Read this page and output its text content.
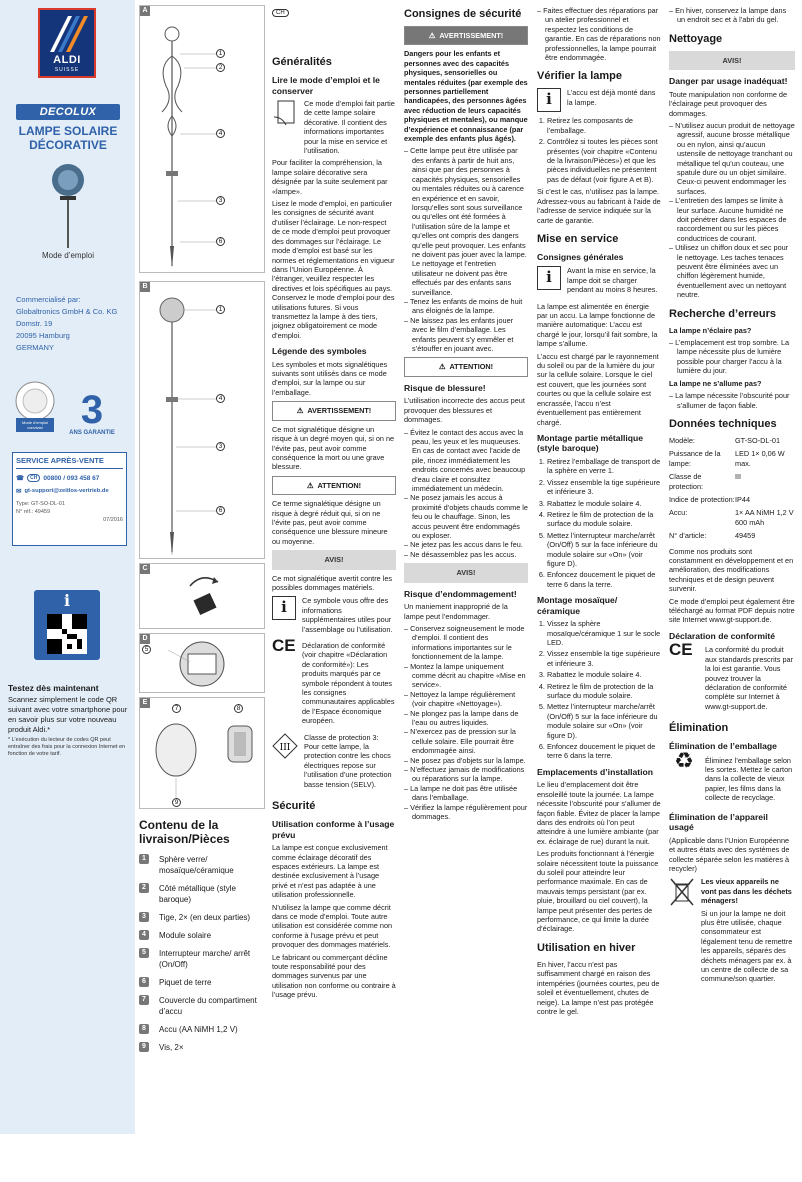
ALDI
SUISSE
DECOLUX
LAMPE SOLAIRE DÉCORATIVE
Mode d’emploi
Commercialisé par:
Globaltronics GmbH & Co. KG
Domstr. 19
20095 Hamburg
GERMANY
Mode d’emploi convivial 3
ANS GARANTIE
SERVICE APRÈS-VENTE
☎	CH 00800 / 093 458 67
✉ gt-support@zeitlos-vertrieb.de
Type: GT-SO-DL-01
N° réf.: 49459
07/2016
i
Testez dès maintenant
Scannez simplement le code QR suivant avec votre smartphone pour en savoir plus sur votre nouveau produit Aldi.*
* L’exécution du lecteur de codes QR peut entraîner des frais pour la connexion Internet en fonction de votre tarif.
A
1
2
4
3
6
B
1
4
3
6
C
D
5
E
7	8
9
Contenu de la livraison/Pièces
1	Sphère verre/ mosaïque/céramique
2	Côté métallique (style baroque)
3	Tige, 2× (en deux parties)
4	Module solaire
5	Interrupteur marche/ arrêt (On/Off)
6	Piquet de terre
7	Couvercle du compartiment d’accu
8	Accu (AA NiMH 1,2 V)
9	Vis, 2×
CH
Généralités
Lire le mode d’emploi et le conserver

Ce mode d’emploi fait partie de cette lampe solaire décorative. Il contient des informations importantes pour la mise en service et l’utilisation.

Pour faciliter la compréhension, la lampe solaire décorative sera désignée par la suite seulement par «lampe».

Lisez le mode d’emploi, en particulier les consignes de sécurité avant d’utiliser l’éclairage. Le non-respect de ce mode d’emploi peut provoquer des dommages sur l’éclairage. Le mode d’emploi est basé sur les normes et réglementations en vigueur dans l’Union Européenne. À l’étranger, veuillez respecter les directives et lois spécifiques au pays. Conservez le mode d’emploi pour des utilisations futures. Si vous transmettez la lampe à des tiers, joignez obligatoirement ce mode d’emploi.

Légende des symboles

Les symboles et mots signalétiques suivants sont utilisés dans ce mode d’emploi, sur la lampe ou sur l’emballage.

⚠ AVERTISSEMENT!

Ce mot signalétique désigne un risque à un degré moyen qui, si on ne l’évite pas, peut avoir comme conséquence la mort ou une grave blessure.

⚠ ATTENTION!

Ce terme signalétique désigne un risque à degré réduit qui, si on ne l’évite pas, peut avoir comme conséquence une blessure mineure ou moyenne.

AVIS!

Ce mot signalétique avertit contre les possibles dommages matériels.

i	Ce symbole vous offre des informations supplémentaires utiles pour l’assemblage ou l’utilisation.

CE Déclaration de conformité (voir chapitre «Déclaration de conformité»): Les produits marqués par ce symbole répondent à toutes les consignes communautaires applicables de l’Espace économique européen.

III

Classe de protection 3: Pour cette lampe, la protection contre les chocs électriques repose sur l’utilisation d’une protection basse tension (SELV).

Sécurité
Utilisation conforme à l’usage prévu

La lampe est conçue exclusivement comme éclairage décoratif des espaces extérieurs. La lampe est destinée exclusivement à l’usage privé et n’est pas adaptée à une utilisation professionnelle.

N’utilisez la lampe que comme décrit dans ce mode d’emploi. Toute autre utilisation est considérée comme non conforme à l’usage prévu et peut provoquer des dommages matériels.

Le fabricant ou commerçant décline toute responsabilité pour des dommages survenus par une utilisation non conforme ou contraire à l’usage prévu.

Consignes de sécurité
⚠ AVERTISSEMENT!

Dangers pour les enfants et personnes avec des capacités physiques, sensorielles ou mentales réduites (par exemple des personnes partiellement handicapées, des personnes âgées avec réduction de leurs capacités physiques et mentales), ou manque d’expérience et connaissance (par exemple des enfants plus âgés).

– Cette lampe peut être utilisée par des enfants à partir de huit ans, ainsi que par des personnes à capacités physiques, sensorielles ou mentales réduites ou à carence en expérience et en savoir, lorsqu’elles sont sous surveillance ou qu’elles ont été formées à l’utilisation sûre de la lampe et qu’elles ont compris des dangers qu’elle peut provoquer. Les enfants ne doivent pas jouer avec la lampe. Le nettoyage et l’entretien utilisateur ne doivent pas être effectués par des enfants sans surveillance.
– Tenez les enfants de moins de huit ans éloignés de la lampe.
– Ne laissez pas les enfants jouer avec le film d’emballage. Les enfants peuvent s’y emmêler et s’étouffer en jouant avec.
⚠ ATTENTION!
Risque de blessure!

L’utilisation incorrecte des accus peut provoquer des blessures et dommages.

– Évitez le contact des accus avec la peau, les yeux et les muqueuses. En cas de contact avec l’acide de pile, rincez immédiatement les endroits concernés avec beaucoup d’eau claire et consultez immédiatement un médecin.
– Ne posez jamais les accus à proximité d’objets chauds comme le feu ou le chauffage. Sinon, les accus peuvent être endommagés ou exploser.
– Ne jetez pas les accus dans le feu.
– Ne désassemblez pas les accus.
AVIS!
Risque d’endommagement!

Un maniement inapproprié de la lampe peut l’endommager.

– Conservez soigneusement le mode d’emploi. Il contient des informations importantes sur le fonctionnement de la lampe.
– Montez la lampe uniquement comme décrit au chapitre «Mise en service».
– Nettoyez la lampe régulièrement (voir chapitre «Nettoyage»).
– Ne plongez pas la lampe dans de l’eau ou autres liquides.
– N’exercez pas de pression sur la cellule solaire. Elle pourrait être endommagée ainsi.
– Ne posez pas d’objets sur la lampe.
– N’effectuez jamais de modifications ou réparations sur la lampe.
– La lampe ne doit pas être utilisée dans l’emballage.
– Vérifiez la lampe régulièrement pour dommages.

– Faites effectuer des réparations par un atelier professionnel et respectez les conditions de garantie. En cas de réparations non professionnelles, la lampe pourrait être endommagée.

Vérifier la lampe
i	L’accu est déjà monté dans la lampe.

1. Retirez les composants de l’emballage.
2. Contrôlez si toutes les pièces sont présentes (voir chapitre «Contenu de la livraison/Pièces») et que les pièces individuelles ne présentent pas de défaut (voir figure A et B).

Si c’est le cas, n’utilisez pas la lampe. Adressez-vous au fabricant à l’aide de l’adresse de service indiquée sur la carte de garantie.

Mise en service
Consignes générales
i	Avant la mise en service, la lampe doit se charger pendant au moins 8 heures.

La lampe est alimentée en énergie par un accu. La lampe fonctionne de manière automatique: L’accu est chargé le jour, lorsqu’il fait sombre, la lampe s’allume.

L’accu est chargé par le rayonnement du soleil ou par de la lumière du jour sur la cellule solaire. Lorsque le ciel est couvert, que les journées sont courtes ou que la cellule solaire est encrassée, l’accu n’est éventuellement pas entièrement chargé.

Montage partie métallique (style baroque)
1. Retirez l’emballage de transport de la sphère en verre 1.
2. Vissez ensemble la tige supérieure et inférieure 3.
3. Rabattez le module solaire 4.
4. Retirez le film de protection de la surface du module solaire.
5. Mettez l’interrupteur marche/arrêt (On/Off) 5 sur la face inférieure du module solaire sur «On» (voir figure D).
6. Enfoncez doucement le piquet de terre 6 dans la terre.
Montage mosaïque/ céramique
1. Vissez la sphère mosaïque/céramique 1 sur le socle LED.
2. Vissez ensemble la tige supérieure et inférieure 3.
3. Rabattez le module solaire 4.
4. Retirez le film de protection de la surface du module solaire.
5. Mettez l’interrupteur marche/arrêt (On/Off) 5 sur la face inférieure du module solaire sur «On» (voir figure D).
6. Enfoncez doucement le piquet de terre 6 dans la terre.
Emplacements d’installation

Le lieu d’emplacement doit être ensoleillé toute la journée. La lampe nécessite l’obscurité pour s’allumer de façon fiable. Évitez de placer la lampe dans des endroits où l’on peut atteindre à une lumière ambiante (par ex. éclairage de rue) durant la nuit.

Les produits fonctionnant à l’énergie solaire nécessitent toute la puissance du soleil pour atteindre leur performance maximale. En cas de mauvais temps persistant (par ex. pluie, brouillard ou ciel couvert), la lampe peut présenter des pertes de performance, ce qui limite la durée d’éclairage.

Utilisation en hiver

En hiver, l’accu n’est pas suffisamment chargé en raison des intempéries (journées courtes, peu de soleil et éventuellement, chutes de neige). La lampe n’est pas protégée contre le gel.

– En hiver, conservez la lampe dans un endroit sec et à l’abri du gel.

Nettoyage
AVIS!
Danger par usage inadéquat!

Toute manipulation non conforme de l’éclairage peut provoquer des dommages.

– N’utilisez aucun produit de nettoyage agressif, aucune brosse métallique ou en nylon, ainsi qu’aucun ustensile de nettoyage tranchant ou métallique tel qu’un couteau, une spatule dure ou un objet similaire. Ceux-ci peuvent endommager les surfaces.
– L’entretien des lampes se limite à leur surface. Aucune humidité ne doit pénétrer dans les espaces de raccordement ou sur les pièces conductrices de courant.
– Utilisez un chiffon doux et sec pour le nettoyage. Les taches tenaces peuvent être éliminées avec un chiffon légèrement humide, éventuellement avec un nettoyant neutre.
Recherche d’erreurs

La lampe n’éclaire pas?

– L’emplacement est trop sombre. La lampe nécessite plus de lumière possible pour charger l’accu à la lumière du jour.

La lampe ne s’allume pas?

– La lampe nécessite l’obscurité pour s’allumer de façon fiable.
Données techniques
Modèle:	GT-SO-DL-01
Puissance de la lampe:
LED 1× 0,06 W max.
Classe de protection:
III
Indice de protection: IP44
Accu:	1× AA NiMH 1,2 V 600 mAh
N° d’article:	49459

Comme nos produits sont constamment en développement et en amélioration, des modifications techniques et de design peuvent survenir.

Ce mode d’emploi peut également être téléchargé au format PDF depuis notre site Internet www.gt-support.de.

Déclaration de conformité
CE	La conformité du produit aux standards prescrits par la loi est garantie. Vous pouvez trouver la déclaration de conformité complète sur Internet à www.gt-support.de.

Élimination
Élimination de l’emballage
♻	Éliminez l’emballage selon les sortes. Mettez le carton dans la collecte de vieux papier, les films dans la collecte de recyclage.

Élimination de l’appareil usagé

(Applicable dans l’Union Européenne et autres états avec des systèmes de collecte séparée selon les matières à recycler)

Les vieux appareils ne vont pas dans les déchets ménagers!

Si un jour la lampe ne doit plus être utilisée, chaque consommateur est légalement tenu de remettre les appareils, séparés des déchets ménagers par ex. à un centre de collecte de sa commune/son quartier.
